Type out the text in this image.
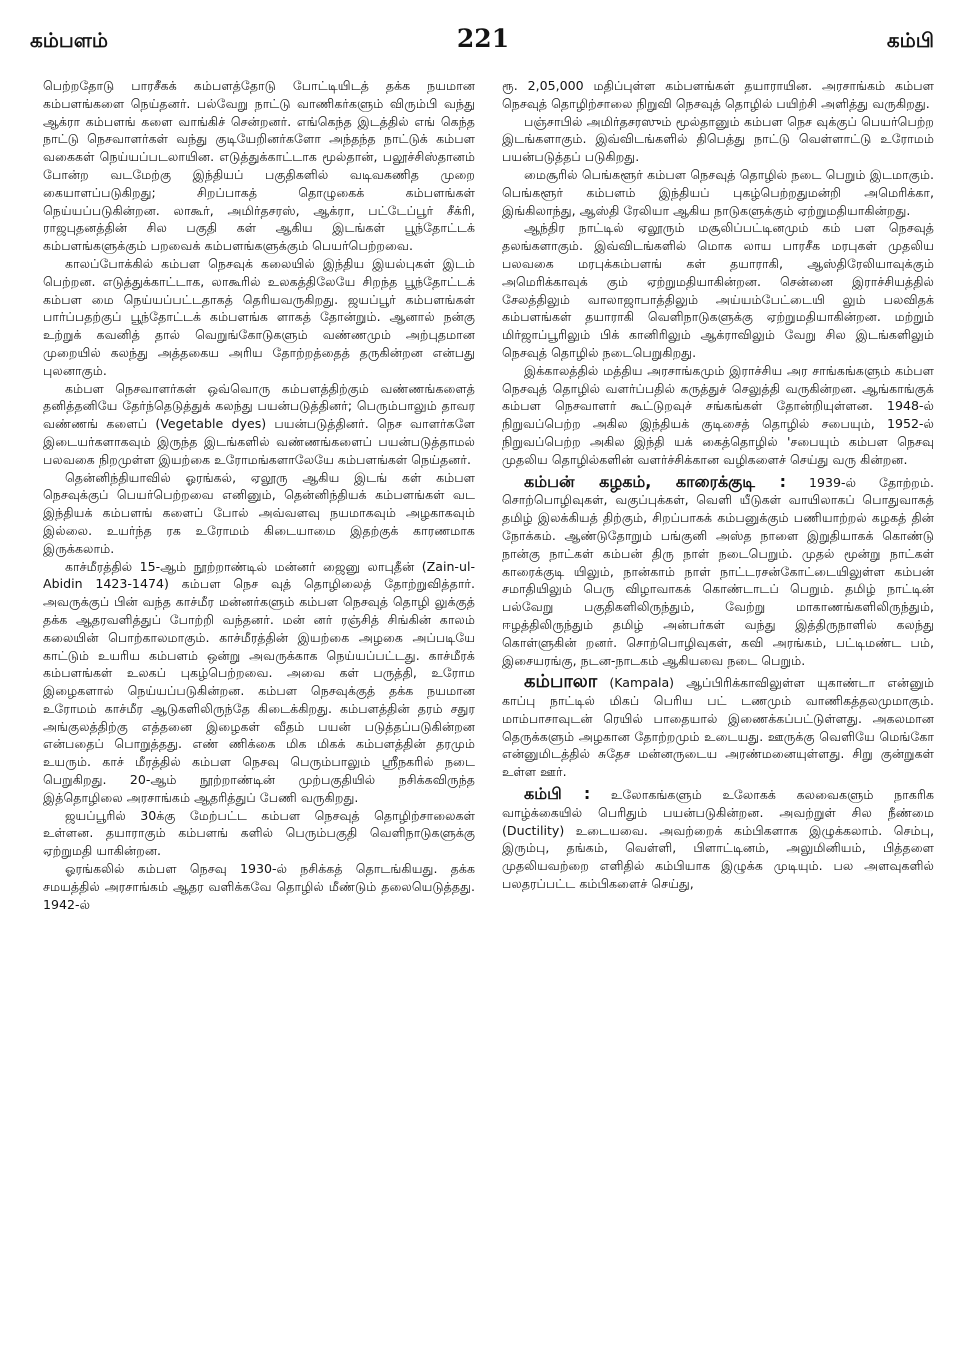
கம்பளம்	221	கம்பி

பெற்றதோடு பாரசீகக் கம்பளத்தோடு போட்டியிடத் தக்க நயமான கம்பளங்களை நெய்தனர். பல்வேறு நாட்டு வாணிகர்களும் விரும்பி வந்து ஆக்ரா கம்பளங் களை வாங்கிச் சென்றனர். எங்கெந்த இடத்தில் எங் கெந்த நாட்டு நெசவாளர்கள் வந்து குடியேறினர்களோ அந்தந்த நாட்டுக் கம்பள வகைகள் நெய்யப்படலாயின. எடுத்துக்காட்டாக மூல்தான், பலூச்சிஸ்தானம் போன்ற வடமேற்கு இந்தியப் பகுதிகளில் வடிவகணித முறை கையாளப்படுகிறது; சிறப்பாகத் தொழுகைக் கம்பளங்கள் நெய்யப்படுகின்றன. லாகூர், அமிர்தசரஸ், ஆக்ரா, பட்டேப்பூர் சீக்ரி, ராஜபுதனத்தின் சில பகுதி கள் ஆகிய இடங்கள் பூந்தோட்டக் கம்பளங்களுக்கும் பறவைக் கம்பளங்களுக்கும் பெயர்பெற்றவை.

காலப்போக்கில் கம்பள நெசவுக் கலையில் இந்திய இயல்புகள் இடம் பெற்றன. எடுத்துக்காட்டாக, லாகூரில் உலகத்திலேயே சிறந்த பூந்தோட்டக் கம்பள மை நெய்யப்பட்டதாகத் தெரியவருகிறது. ஜயப்பூர் கம்பளங்கள் பார்ப்பதற்குப் பூந்தோட்டக் கம்பளங்க ளாகத் தோன்றும். ஆனால் நன்கு உற்றுக் கவனித் தால் வெறுங்கோடுகளும் வண்ணமும் அற்புதமான முறையில் கலந்து அத்தகைய அரிய தோற்றத்தைத் தருகின்றன என்பது புலனாகும்.

கம்பள நெசவாளர்கள் ஒவ்வொரு கம்பளத்திற்கும் வண்ணங்களைத் தனித்தனியே தேர்ந்தெடுத்துக் கலந்து பயன்படுத்தினர்; பெரும்பாலும் தாவர வண்ணங் களைப் (Vegetable dyes) பயன்படுத்தினர். நெச வாளர்களே இடையர்களாகவும் இருந்த இடங்களில் வண்ணங்களைப் பயன்படுத்தாமல் பலவகை நிறமுள்ள இயற்கை உரோமங்களாலேயே கம்பளங்கள் நெய்தனர்.

தென்னிந்தியாவில் ஓரங்கல், ஏலூரு ஆகிய இடங் கள் கம்பள நெசவுக்குப் பெயர்பெற்றவை எனினும், தென்னிந்தியக் கம்பளங்கள் வட இந்தியக் கம்பளங் களைப் போல் அவ்வளவு நயமாகவும் அழகாகவும் இல்லை. உயர்ந்த ரக உரோமம் கிடையாமை இதற்குக் காரணமாக இருக்கலாம்.

காச்மீரத்தில் 15-ஆம் நூற்றாண்டில் மன்னர் ஜைனு லாபுதீன் (Zain-ul-Abidin 1423-1474) கம்பள நெச வுத் தொழிலைத் தோற்றுவித்தார். அவருக்குப் பின் வந்த காச்மீர மன்னர்களும் கம்பள நெசவுத் தொழி லுக்குத் தக்க ஆதரவளித்துப் போற்றி வந்தனர். மன் னர் ரஞ்சித் சிங்கின் காலம் கலையின் பொற்காலமாகும். காச்மீரத்தின் இயற்கை அழகை அப்படியே காட்டும் உயரிய கம்பளம் ஒன்று அவருக்காக நெய்யப்பட்டது. காச்மீரக் கம்பளங்கள் உலகப் புகழ்பெற்றவை. அவை கள் பருத்தி, உரோம இழைகளால் நெய்யப்படுகின்றன. கம்பள நெசவுக்குத் தக்க நயமான உரோமம் காச்மீர ஆடுகளிலிருந்தே கிடைக்கிறது. கம்பளத்தின் தரம் சதுர அங்குலத்திற்கு எத்தனை இழைகள் வீதம் பயன் படுத்தப்படுகின்றன என்பதைப் பொறுத்தது. எண் ணிக்கை மிக மிகக் கம்பளத்தின் தரமும் உயரும். காச் மீரத்தில் கம்பள நெசவு பெரும்பாலும் ஸ்ரீநகரில் நடை பெறுகிறது. 20-ஆம் நூற்றாண்டின் முற்பகுதியில் நசிக்கவிருந்த இத்தொழிலை அரசாங்கம் ஆதரித்துப் பேணி வருகிறது.

ஜயப்பூரில் 30க்கு மேற்பட்ட கம்பள நெசவுத் தொழிற்சாலைகள் உள்ளன. தயாராகும் கம்பளங் களில் பெரும்பகுதி வெளிநாடுகளுக்கு ஏற்றுமதி யாகின்றன.

ஓரங்கலில் கம்பள நெசவு 1930-ல் நசிக்கத் தொடங்கியது. தக்க சமயத்தில் அரசாங்கம் ஆதர வளிக்கவே தொழில் மீண்டும் தலையெடுத்தது. 1942-ல்

ரூ. 2,05,000 மதிப்புள்ள கம்பளங்கள் தயாராயின. அரசாங்கம் கம்பள நெசவுத் தொழிற்சாலை நிறுவி நெசவுத் தொழில் பயிற்சி அளித்து வருகிறது.

பஞ்சாபில் அமிர்தசரஸும் மூல்தானும் கம்பள நெச வுக்குப் பெயர்பெற்ற இடங்களாகும். இவ்விடங்களில் திபெத்து நாட்டு வெள்ளாட்டு உரோமம் பயன்படுத்தப் படுகிறது.

மைசூரில் பெங்களூர் கம்பள நெசவுத் தொழில் நடை பெறும் இடமாகும். பெங்களூர் கம்பளம் இந்தியப் புகழ்பெற்றதுமன்றி அமெரிக்கா, இங்கிலாந்து, ஆஸ்தி ரேலியா ஆகிய நாடுகளுக்கும் ஏற்றுமதியாகின்றது.

ஆந்திர நாட்டில் ஏலூரும் மசூலிப்பட்டினமும் கம் பள நெசவுத் தலங்களாகும். இவ்விடங்களில் மொக லாய பாரசீக மரபுகள் முதலிய பலவகை மரபுக்கம்பளங் கள் தயாராகி, ஆஸ்திரேலியாவுக்கும் அமெரிக்காவுக் கும் ஏற்றுமதியாகின்றன. சென்னை இராச்சியத்தில் சேலத்திலும் வாலாஜாபாத்திலும் அய்யம்பேட்டையி லும் பலவிதக் கம்பளங்கள் தயாராகி வெளிநாடுகளுக்கு ஏற்றுமதியாகின்றன. மற்றும் மிர்ஜாப்பூரிலும் பிக் கானிரிலும் ஆக்ராவிலும் வேறு சில இடங்களிலும் நெசவுத் தொழில் நடைபெறுகிறது.

இக்காலத்தில் மத்திய அரசாங்கமும் இராச்சிய அர சாங்கங்களும் கம்பள நெசவுத் தொழில் வளர்ப்பதில் கருத்துச் செலுத்தி வருகின்றன. ஆங்காங்குக் கம்பள நெசவாளர் கூட்டுறவுச் சங்கங்கள் தோன்றியுள்ளன. 1948-ல் நிறுவப்பெற்ற அகில இந்தியக் குடிசைத் தொழில் சபையும், 1952-ல் நிறுவப்பெற்ற அகில இந்தி யக் கைத்தொழில் 'சபையும் கம்பள நெசவு முதலிய தொழில்களின் வளர்ச்சிக்கான வழிகளைச் செய்து வரு கின்றன.

கம்பன் கழகம், காரைக்குடி : 1939-ல் தோற்றம். சொற்பொழிவுகள், வகுப்புக்கள், வெளி யீடுகள் வாயிலாகப் பொதுவாகத் தமிழ் இலக்கியத் திற்கும், சிறப்பாகக் கம்பனுக்கும் பணியாற்றல் கழகத் தின் நோக்கம். ஆண்டுதோறும் பங்குனி அஸ்த நாளை இறுதியாகக் கொண்டு நான்கு நாட்கள் கம்பன் திரு நாள் நடைபெறும். முதல் மூன்று நாட்கள் காரைக்குடி யிலும், நான்காம் நாள் நாட்டரசன்கோட்டையிலுள்ள கம்பன் சமாதியிலும் பெரு விழாவாகக் கொண்டாடப் பெறும். தமிழ் நாட்டின் பல்வேறு பகுதிகளிலிருந்தும், வேற்று மாகாணங்களிலிருந்தும், ஈழத்திலிருந்தும் தமிழ் அன்பர்கள் வந்து இத்திருநாளில் கலந்து கொள்ளுகின் றனர். சொற்பொழிவுகள், கவி அரங்கம், பட்டிமண்ட பம், இசையரங்கு, நடன-நாடகம் ஆகியவை நடை பெறும்.

கம்பாலா (Kampala) ஆப்பிரிக்காவிலுள்ள யுகாண்டா என்னும் காப்பு நாட்டில் மிகப் பெரிய பட் டணமும் வாணிகத்தலமுமாகும். மாம்பாசாவுடன் ரெயில் பாதையால் இணைக்கப்பட்டுள்ளது. அகலமான தெருக்களும் அழகான தோற்றமும் உடையது. ஊருக்கு வெளியே மெங்கோ என்னுமிடத்தில் சுதேச மன்னருடைய அரண்மனையுள்ளது. சிறு குன்றுகள் உள்ள ஊர்.

கம்பி : உலோகங்களும் உலோகக் கலவைகளும் நாகரிக வாழ்க்கையில் பெரிதும் பயன்படுகின்றன. அவற்றுள் சில நீண்மை (Ductility) உடையவை. அவற்றைக் கம்பிகளாக இழுக்கலாம். செம்பு, இரும்பு, தங்கம், வெள்ளி, பிளாட்டினம், அலுமினியம், பித்தளை முதலியவற்றை எளிதில் கம்பியாக இழுக்க முடியும். பல அளவுகளில் பலதரப்பட்ட கம்பிகளைச் செய்து,
